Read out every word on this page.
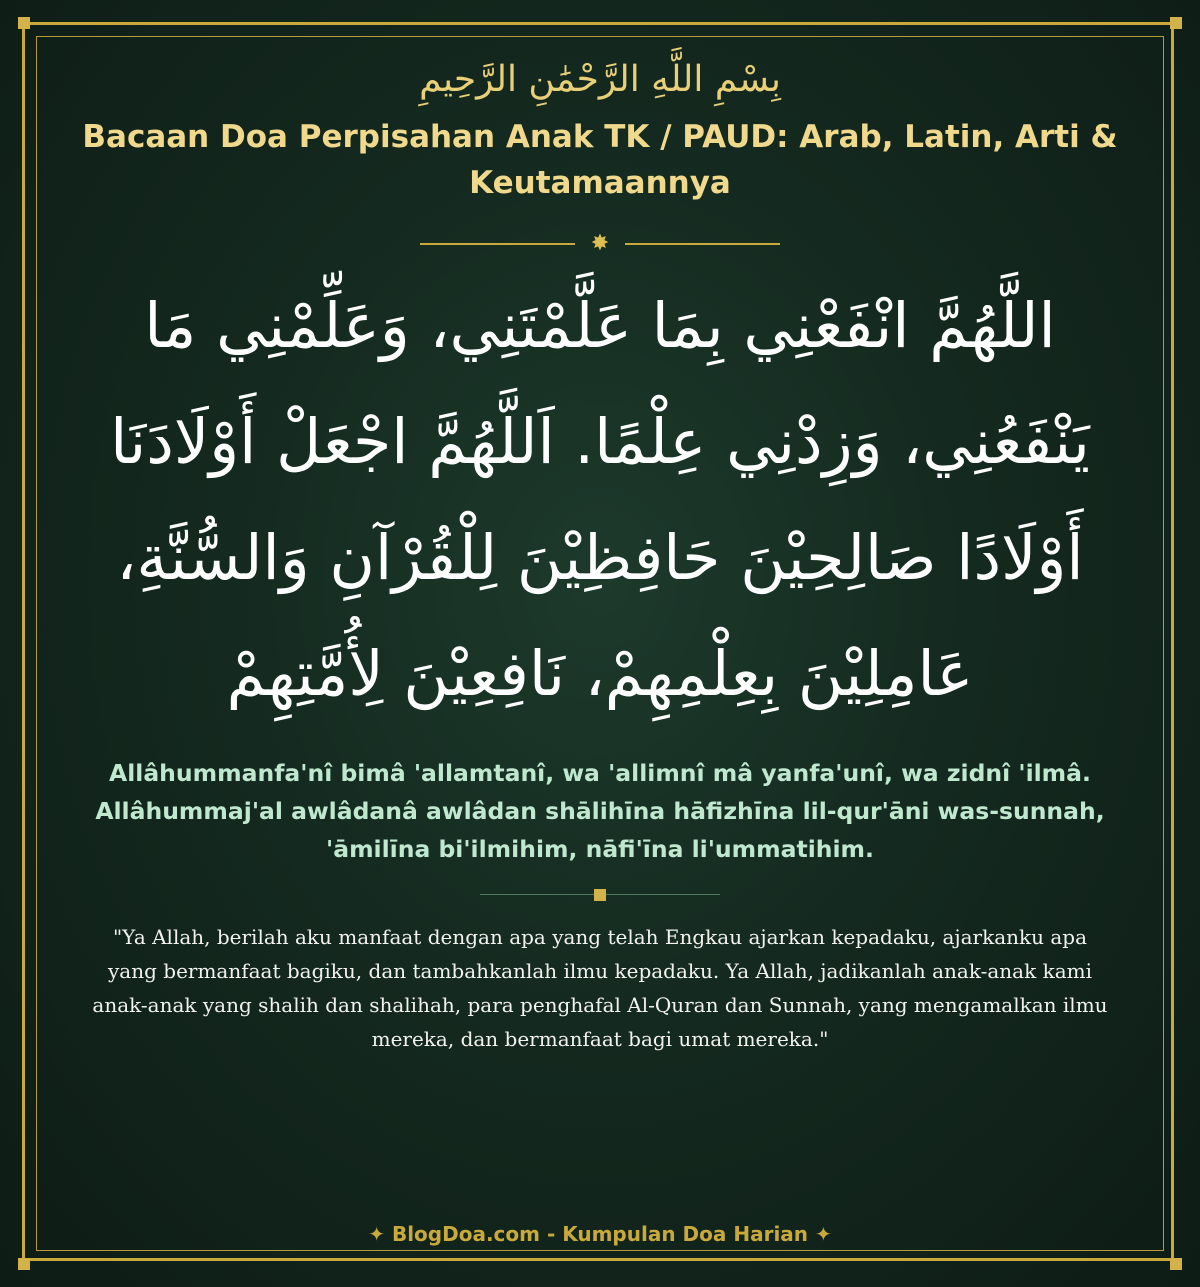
بِسْمِ اللَّهِ الرَّحْمَٰنِ الرَّحِيمِ
Bacaan Doa Perpisahan Anak TK / PAUD: Arab, Latin, Arti & Keutamaannya
✸
اللَّهُمَّ انْفَعْنِي بِمَا عَلَّمْتَنِي، وَعَلِّمْنِي مَا يَنْفَعُنِي، وَزِدْنِي عِلْمًا. اَللَّهُمَّ اجْعَلْ أَوْلَادَنَا أَوْلَادًا صَالِحِيْنَ حَافِظِيْنَ لِلْقُرْآنِ وَالسُّنَّةِ، عَامِلِيْنَ بِعِلْمِهِمْ، نَافِعِيْنَ لِأُمَّتِهِمْ
Allâhummanfa'nî bimâ 'allamtanî, wa 'allimnî mâ yanfa'unî, wa zidnî 'ilmâ. Allâhummaj'al awlâdanâ awlâdan shālihīna hāfizhīna lil-qur'āni was-sunnah, 'āmilīna bi'ilmihim, nāfi'īna li'ummatihim.
"Ya Allah, berilah aku manfaat dengan apa yang telah Engkau ajarkan kepadaku, ajarkanku apa yang bermanfaat bagiku, dan tambahkanlah ilmu kepadaku. Ya Allah, jadikanlah anak-anak kami anak-anak yang shalih dan shalihah, para penghafal Al-Quran dan Sunnah, yang mengamalkan ilmu mereka, dan bermanfaat bagi umat mereka."
✦ BlogDoa.com - Kumpulan Doa Harian ✦
